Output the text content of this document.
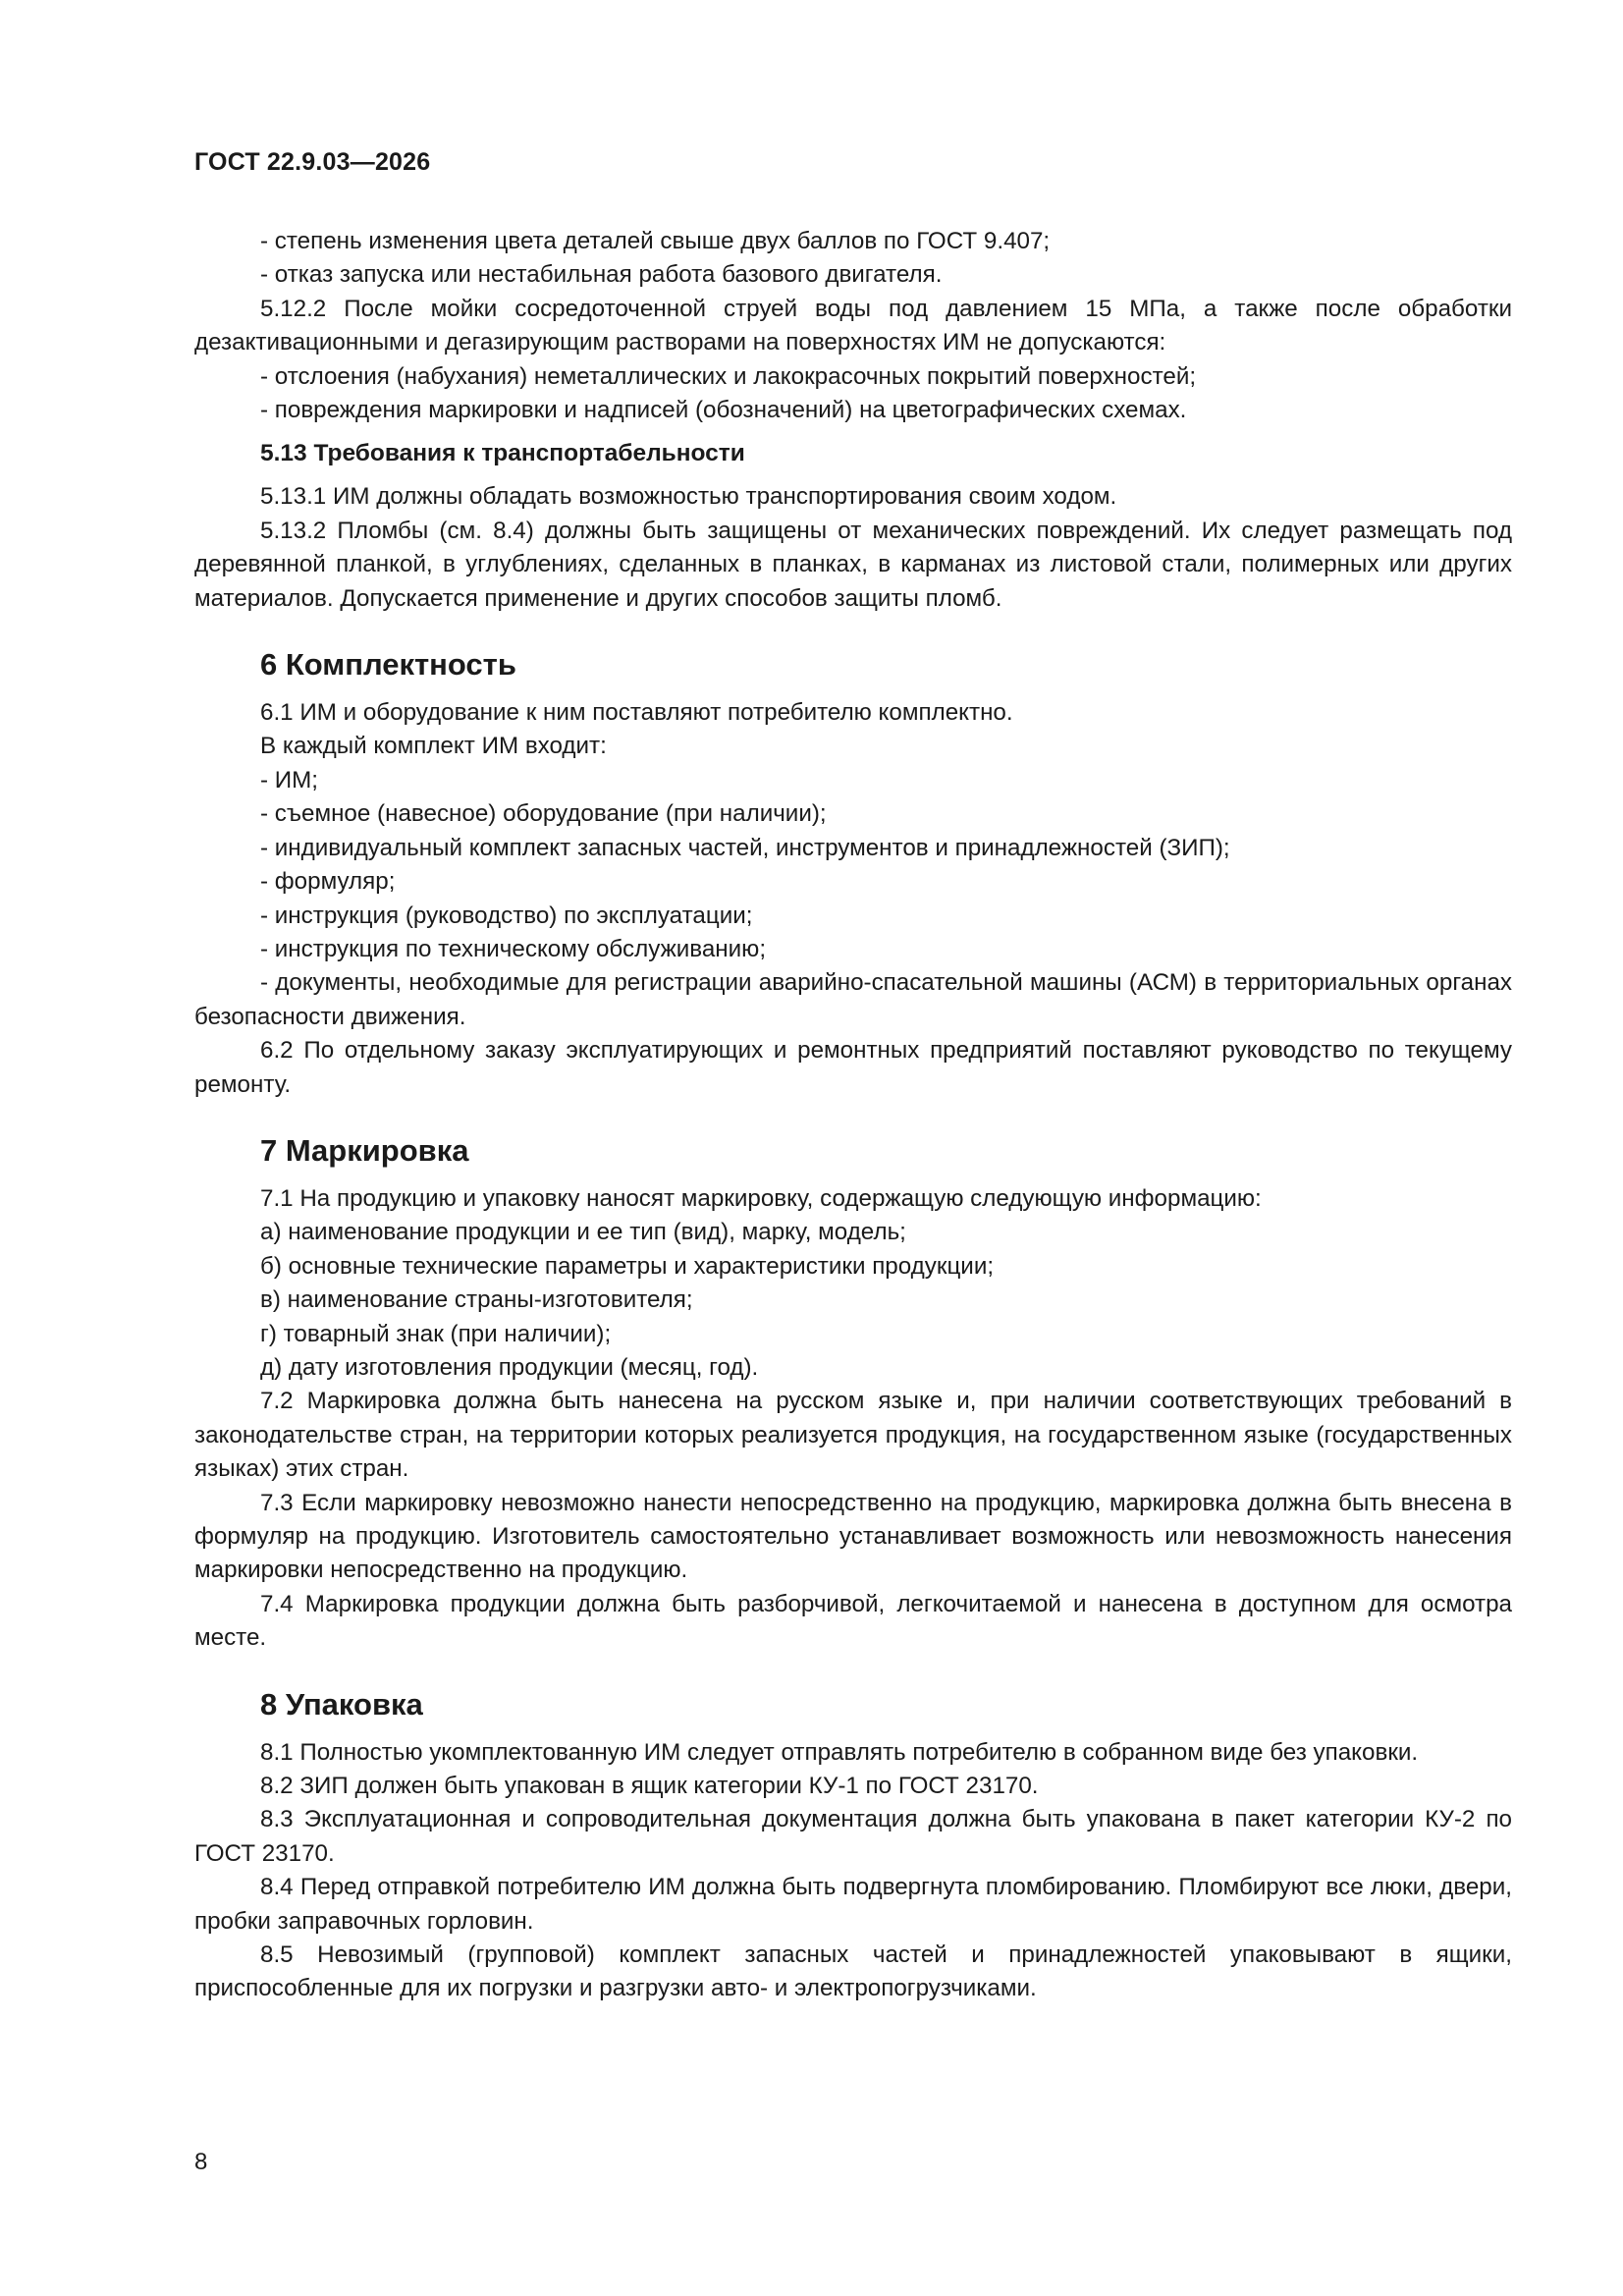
ГОСТ 22.9.03—2026

- степень изменения цвета деталей свыше двух баллов по ГОСТ 9.407;

- отказ запуска или нестабильная работа базового двигателя.

5.12.2 После мойки сосредоточенной струей воды под давлением 15 МПа, а также после обработки дезактивационными и дегазирующим растворами на поверхностях ИМ не допускаются:

- отслоения (набухания) неметаллических и лакокрасочных покрытий поверхностей;

- повреждения маркировки и надписей (обозначений) на цветографических схемах.

5.13 Требования к транспортабельности

5.13.1 ИМ должны обладать возможностью транспортирования своим ходом.

5.13.2 Пломбы (см. 8.4) должны быть защищены от механических повреждений. Их следует размещать под деревянной планкой, в углублениях, сделанных в планках, в карманах из листовой стали, полимерных или других материалов. Допускается применение и других способов защиты пломб.

6 Комплектность

6.1 ИМ и оборудование к ним поставляют потребителю комплектно.

В каждый комплект ИМ входит:

- ИМ;

- съемное (навесное) оборудование (при наличии);

- индивидуальный комплект запасных частей, инструментов и принадлежностей (ЗИП);

- формуляр;

- инструкция (руководство) по эксплуатации;

- инструкция по техническому обслуживанию;

- документы, необходимые для регистрации аварийно-спасательной машины (АСМ) в территориальных органах безопасности движения.

6.2 По отдельному заказу эксплуатирующих и ремонтных предприятий поставляют руководство по текущему ремонту.

7 Маркировка

7.1 На продукцию и упаковку наносят маркировку, содержащую следующую информацию:

а) наименование продукции и ее тип (вид), марку, модель;

б) основные технические параметры и характеристики продукции;

в) наименование страны-изготовителя;

г) товарный знак (при наличии);

д) дату изготовления продукции (месяц, год).

7.2 Маркировка должна быть нанесена на русском языке и, при наличии соответствующих требований в законодательстве стран, на территории которых реализуется продукция, на государственном языке (государственных языках) этих стран.

7.3 Если маркировку невозможно нанести непосредственно на продукцию, маркировка должна быть внесена в формуляр на продукцию. Изготовитель самостоятельно устанавливает возможность или невозможность нанесения маркировки непосредственно на продукцию.

7.4 Маркировка продукции должна быть разборчивой, легкочитаемой и нанесена в доступном для осмотра месте.

8 Упаковка

8.1 Полностью укомплектованную ИМ следует отправлять потребителю в собранном виде без упаковки.

8.2 ЗИП должен быть упакован в ящик категории КУ-1 по ГОСТ 23170.

8.3 Эксплуатационная и сопроводительная документация должна быть упакована в пакет категории КУ-2 по ГОСТ 23170.

8.4 Перед отправкой потребителю ИМ должна быть подвергнута пломбированию. Пломбируют все люки, двери, пробки заправочных горловин.

8.5 Невозимый (групповой) комплект запасных частей и принадлежностей упаковывают в ящики, приспособленные для их погрузки и разгрузки авто- и электропогрузчиками.

8
